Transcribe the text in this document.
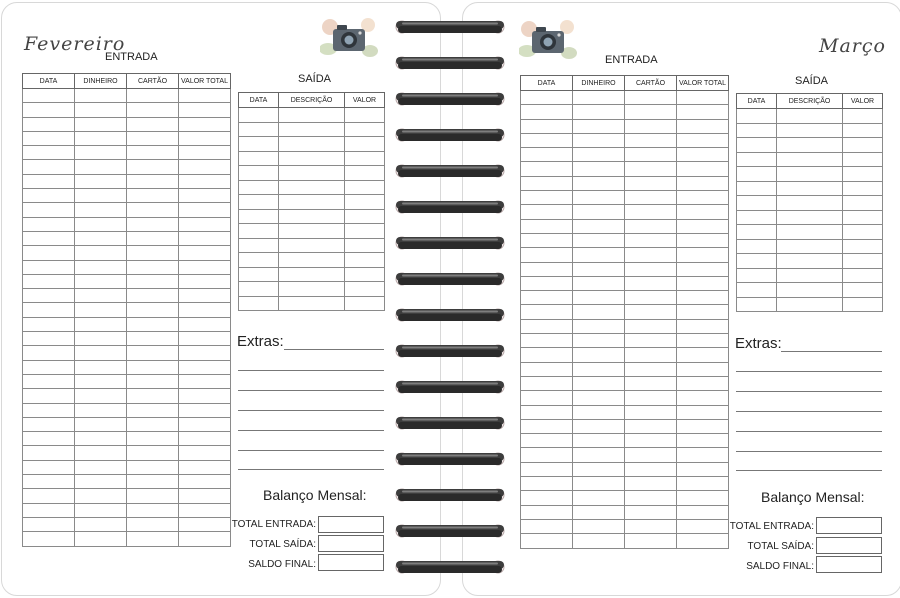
Fevereiro
ENTRADA
DATA	DINHEIRO	CARTÃO	VALOR TOTAL

				SAÍDA
DATA	DESCRIÇÃO	VALOR

Extras:
Balanço Mensal:
TOTAL ENTRADA:
TOTAL SAÍDA:
SALDO FINAL:
Março
ENTRADA
DATA	DINHEIRO	CARTÃO	VALOR TOTAL

				SAÍDA
DATA	DESCRIÇÃO	VALOR

Extras:
Balanço Mensal:
TOTAL ENTRADA:
TOTAL SAÍDA:
SALDO FINAL:
